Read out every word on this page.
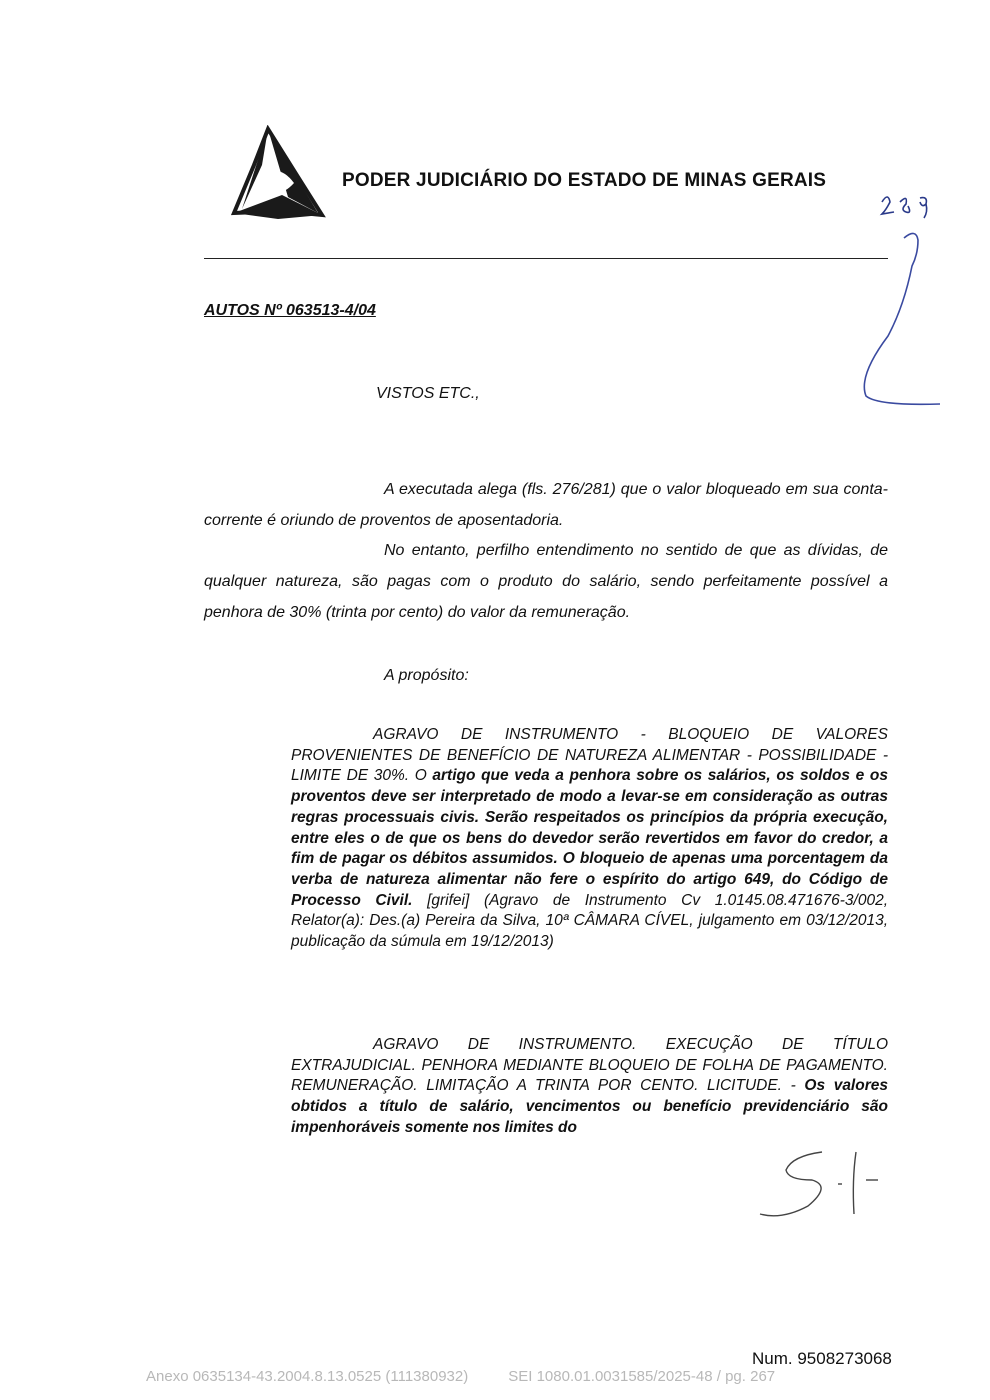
PODER JUDICIÁRIO DO ESTADO DE MINAS GERAIS
AUTOS Nº 063513-4/04
VISTOS ETC.,

A executada alega (fls. 276/281) que o valor bloqueado em sua conta-corrente é oriundo de proventos de aposentadoria.

No entanto, perfilho entendimento no sentido de que as dívidas, de qualquer natureza, são pagas com o produto do salário, sendo perfeitamente possível a penhora de 30% (trinta por cento) do valor da remuneração.

A propósito:

AGRAVO DE INSTRUMENTO - BLOQUEIO DE VALORES PROVENIENTES DE BENEFÍCIO DE NATUREZA ALIMENTAR - POSSIBILIDADE - LIMITE DE 30%. O artigo que veda a penhora sobre os salários, os soldos e os proventos deve ser interpretado de modo a levar-se em consideração as outras regras processuais civis. Serão respeitados os princípios da própria execução, entre eles o de que os bens do devedor serão revertidos em favor do credor, a fim de pagar os débitos assumidos. O bloqueio de apenas uma porcentagem da verba de natureza alimentar não fere o espírito do artigo 649, do Código de Processo Civil. [grifei] (Agravo de Instrumento Cv 1.0145.08.471676-3/002, Relator(a): Des.(a) Pereira da Silva, 10ª CÂMARA CÍVEL, julgamento em 03/12/2013, publicação da súmula em 19/12/2013)

AGRAVO DE INSTRUMENTO. EXECUÇÃO DE TÍTULO EXTRAJUDICIAL. PENHORA MEDIANTE BLOQUEIO DE FOLHA DE PAGAMENTO. REMUNERAÇÃO. LIMITAÇÃO A TRINTA POR CENTO. LICITUDE. - Os valores obtidos a título de salário, vencimentos ou benefício previdenciário são impenhoráveis somente nos limites do

Num. 9508273068
Anexo 0635134-43.2004.8.13.0525 (111380932)	SEI 1080.01.0031585/2025-48 / pg. 267
